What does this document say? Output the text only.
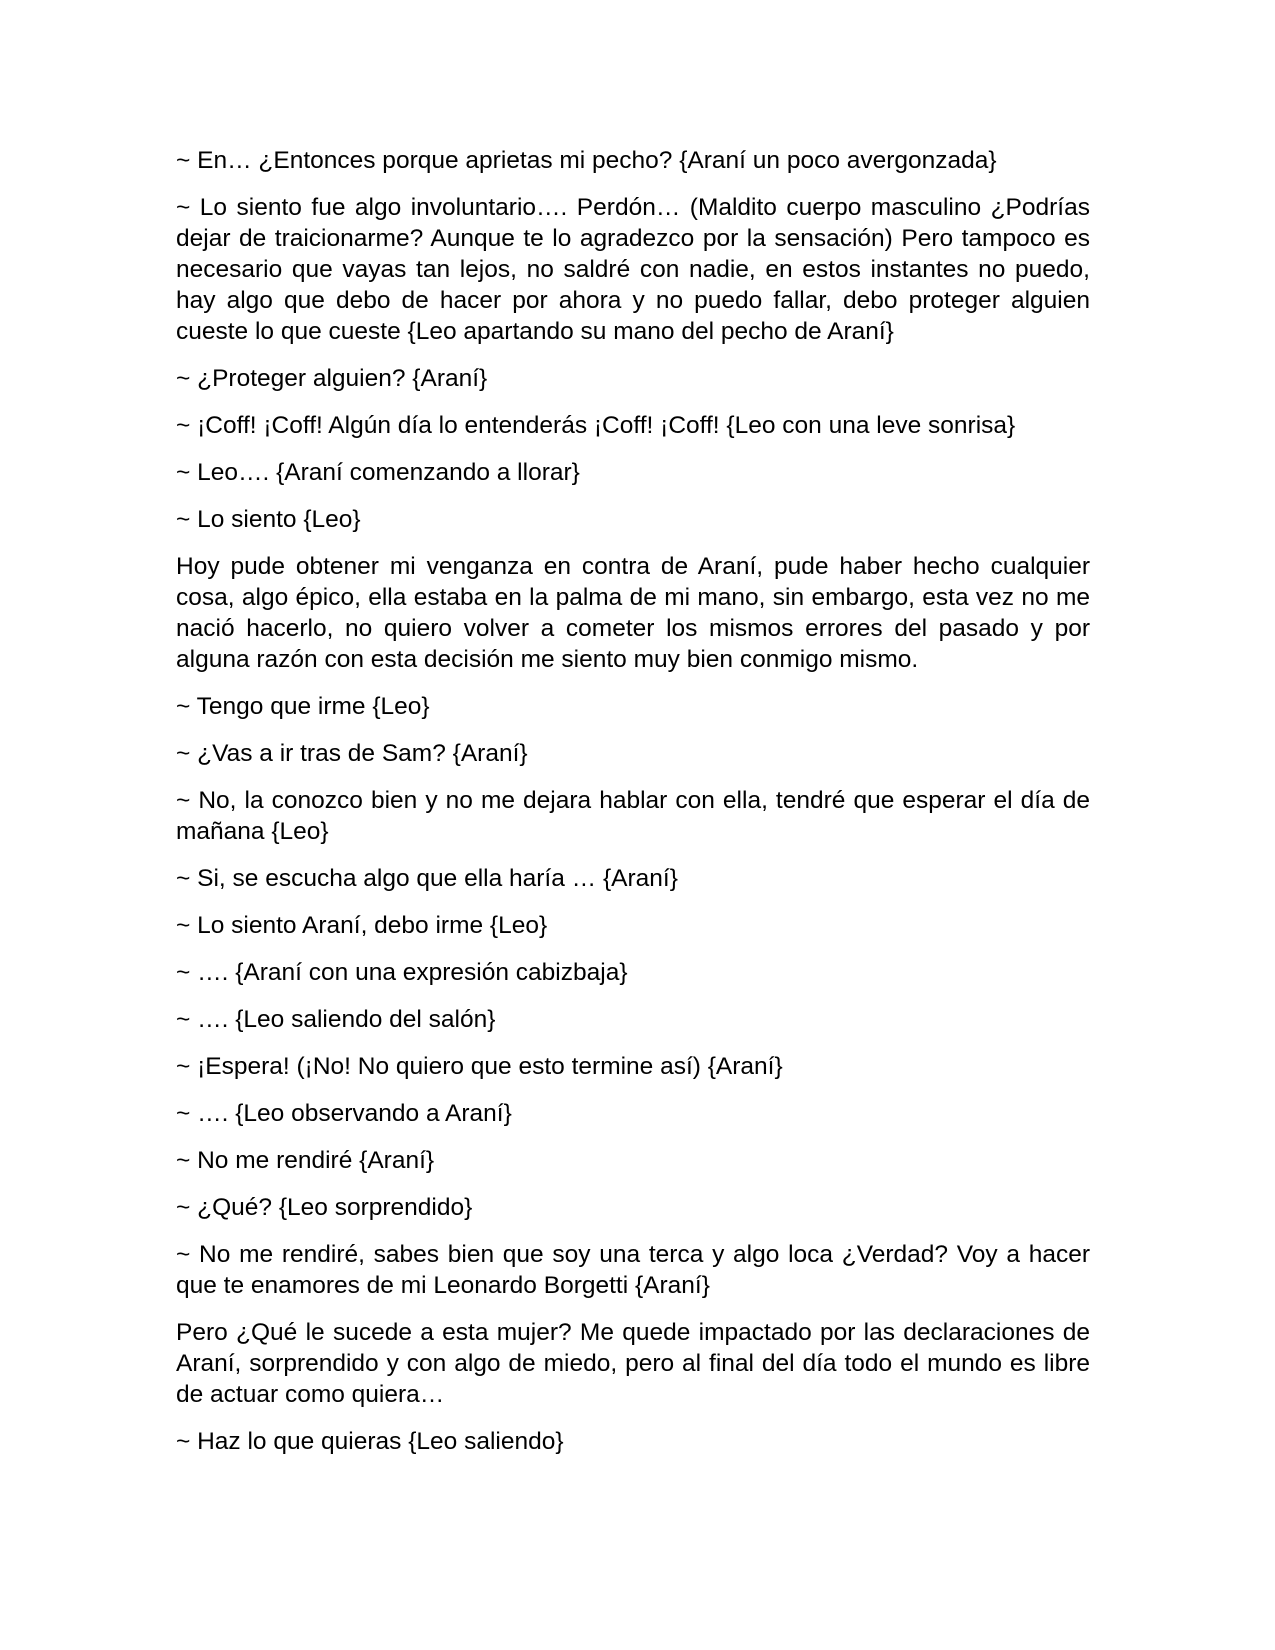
~ En… ¿Entonces porque aprietas mi pecho? {Araní un poco avergonzada}

~ Lo siento fue algo involuntario…. Perdón… (Maldito cuerpo masculino ¿Podrías dejar de traicionarme? Aunque te lo agradezco por la sensación) Pero tampoco es necesario que vayas tan lejos, no saldré con nadie, en estos instantes no puedo, hay algo que debo de hacer por ahora y no puedo fallar, debo proteger alguien cueste lo que cueste {Leo apartando su mano del pecho de Araní}

~ ¿Proteger alguien? {Araní}

~ ¡Coff! ¡Coff! Algún día lo entenderás ¡Coff! ¡Coff! {Leo con una leve sonrisa}

~ Leo…. {Araní comenzando a llorar}

~ Lo siento {Leo}

Hoy pude obtener mi venganza en contra de Araní, pude haber hecho cualquier cosa, algo épico, ella estaba en la palma de mi mano, sin embargo, esta vez no me nació hacerlo, no quiero volver a cometer los mismos errores del pasado y por alguna razón con esta decisión me siento muy bien conmigo mismo.

~ Tengo que irme {Leo}

~ ¿Vas a ir tras de Sam? {Araní}

~ No, la conozco bien y no me dejara hablar con ella, tendré que esperar el día de mañana {Leo}

~ Si, se escucha algo que ella haría … {Araní}

~ Lo siento Araní, debo irme {Leo}

~ …. {Araní con una expresión cabizbaja}

~ …. {Leo saliendo del salón}

~ ¡Espera! (¡No! No quiero que esto termine así) {Araní}

~ …. {Leo observando a Araní}

~ No me rendiré {Araní}

~ ¿Qué? {Leo sorprendido}

~ No me rendiré, sabes bien que soy una terca y algo loca ¿Verdad? Voy a hacer que te enamores de mi Leonardo Borgetti {Araní}

Pero ¿Qué le sucede a esta mujer? Me quede impactado por las declaraciones de Araní, sorprendido y con algo de miedo, pero al final del día todo el mundo es libre de actuar como quiera…

~ Haz lo que quieras {Leo saliendo}
